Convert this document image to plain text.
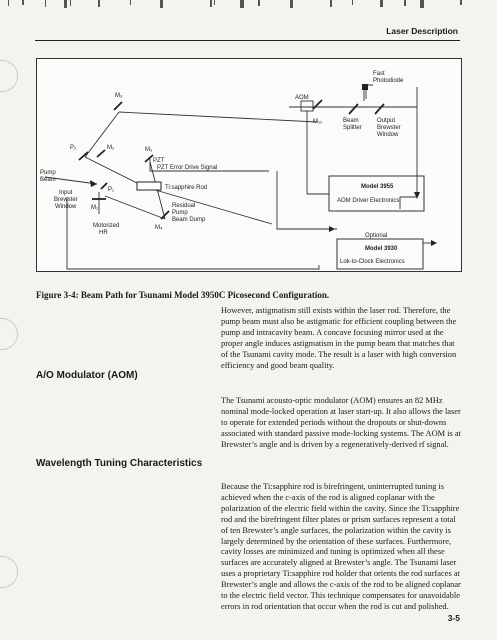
Laser Description
Fast Photodiode
AOM
M₉
M₁₀	Beam Splitter
Output Brewster Window
P₂	M₂	M₃
PZT
PZT Error Drive Signal
Pump Beam
Input Brewster Window
P₁
M₁
Motorized HR
Ti:sapphire Rod
M₄
Residual Pump Beam Dump
Model 3955
AOM Driver Electronics
Optional
Model 3930
Lok-to-Clock Electronics
Figure 3-4: Beam Path for Tsunami Model 3950C Picosecond Configuration.

However, astigmatism still exists within the laser rod. Therefore, the pump beam must also be astigmatic for efficient coupling between the pump and intracavity beam. A concave focusing mirror used at the proper angle induces astigmatism in the pump beam that matches that of the Tsunami cavity mode. The result is a laser with high conversion efficiency and good beam quality.

A/O Modulator (AOM)

The Tsunami acousto-optic modulator (AOM) ensures an 82 MHz nominal mode-locked operation at laser start-up. It also allows the laser to operate for extended periods without the dropouts or shut-downs associated with standard passive mode-locking systems. The AOM is at Brewster’s angle and is driven by a regeneratively-derived rf signal.

Wavelength Tuning Characteristics

Because the Ti:sapphire rod is birefringent, uninterrupted tuning is achieved when the c-axis of the rod is aligned coplanar with the polarization of the electric field within the cavity. Since the Ti:sapphire rod and the birefringent filter plates or prism surfaces represent a total of ten Brewster’s angle surfaces, the polarization within the cavity is largely determined by the orientation of these surfaces. Furthermore, cavity losses are minimized and tuning is optimized when all these surfaces are accurately aligned at Brewster’s angle. The Tsunami laser uses a proprietary Ti:sapphire rod holder that orients the rod surfaces at Brewster’s angle and allows the c-axis of the rod to be aligned coplanar to the electric field vector. This technique compensates for unavoidable errors in rod orientation that occur when the rod is cut and polished.

3-5
